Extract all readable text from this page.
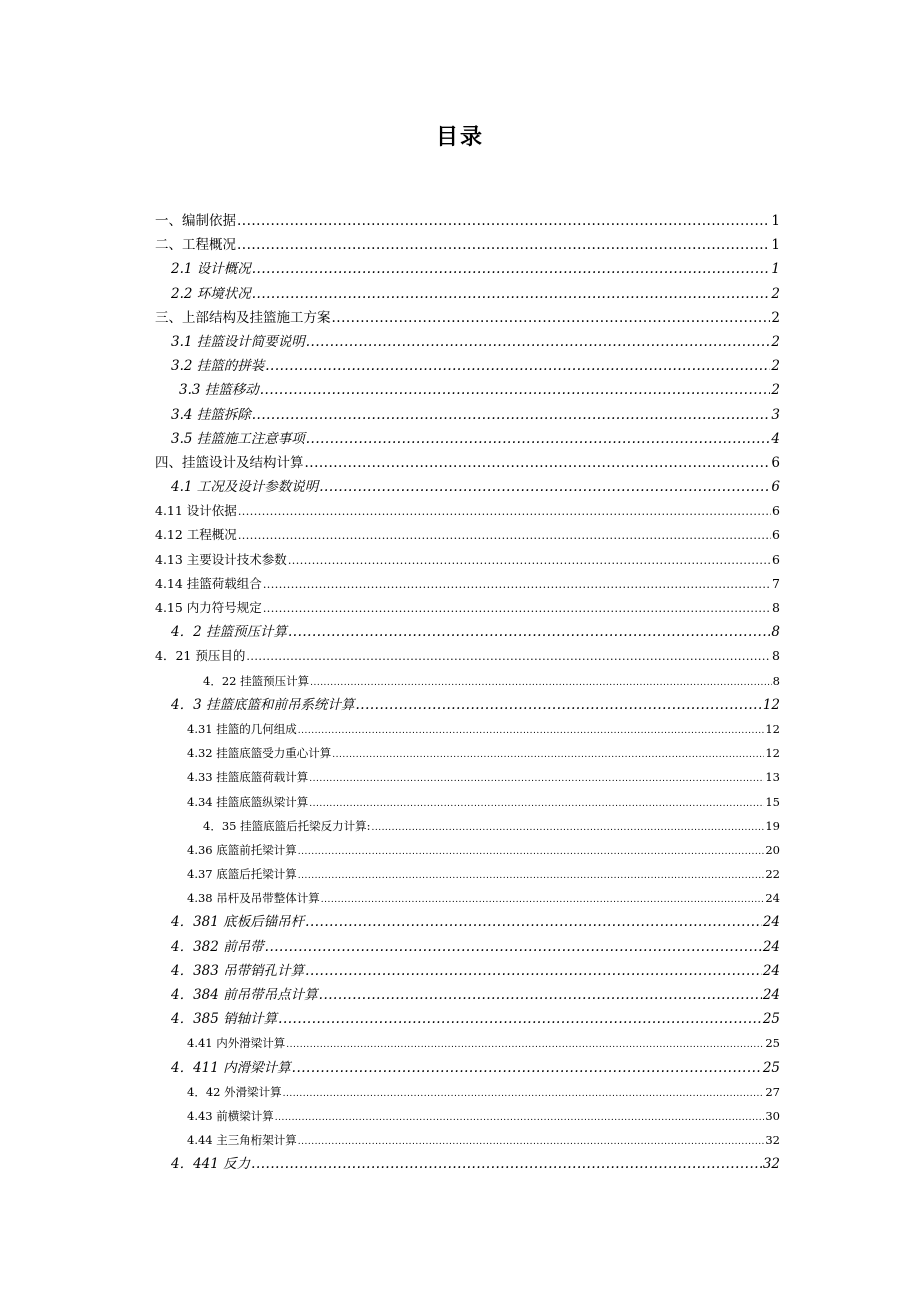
目录
一、编制依据 .....	1
二、工程概况 .....	1
2.1 设计概况 .....	1
2.2 环境状况 .....	2
三、上部结构及挂篮施工方案 .....	2
3.1 挂篮设计简要说明 .....	2
3.2 挂篮的拼装 .....	2
3.3 挂篮移动 .....	2
3.4 挂篮拆除 .....	3
3.5 挂篮施工注意事项 .....	4
四、挂篮设计及结构计算 .....	6
4.1 工况及设计参数说明 .....	6
4.11 设计依据 .....	6
4.12 工程概况 .....	6
4.13 主要设计技术参数 .....	6
4.14 挂篮荷载组合 .....	7
4.15 内力符号规定 .....	8
4．2 挂篮预压计算 .....	8
4．21 预压目的 .....	8
4．22 挂篮预压计算 .....	8
4．3 挂篮底篮和前吊系统计算 .....	12
4.31 挂篮的几何组成 .....	12
4.32 挂篮底篮受力重心计算 .....	12
4.33 挂篮底篮荷载计算 .....	13
4.34 挂篮底篮纵梁计算 .....	15
4．35 挂篮底篮后托梁反力计算: .....	19
4.36 底篮前托梁计算 .....	20
4.37 底篮后托梁计算 .....	22
4.38 吊杆及吊带整体计算 .....	24
4．381 底板后锚吊杆 .....	24
4．382 前吊带 .....	24
4．383 吊带销孔计算 .....	24
4．384 前吊带吊点计算 .....	24
4．385 销轴计算 .....	25
4.41 内外滑梁计算 .....	25
4．411 内滑梁计算 .....	25
4．42 外滑梁计算 .....	27
4.43 前横梁计算 .....	30
4.44 主三角桁架计算 .....	32
4．441 反力 .....	32
